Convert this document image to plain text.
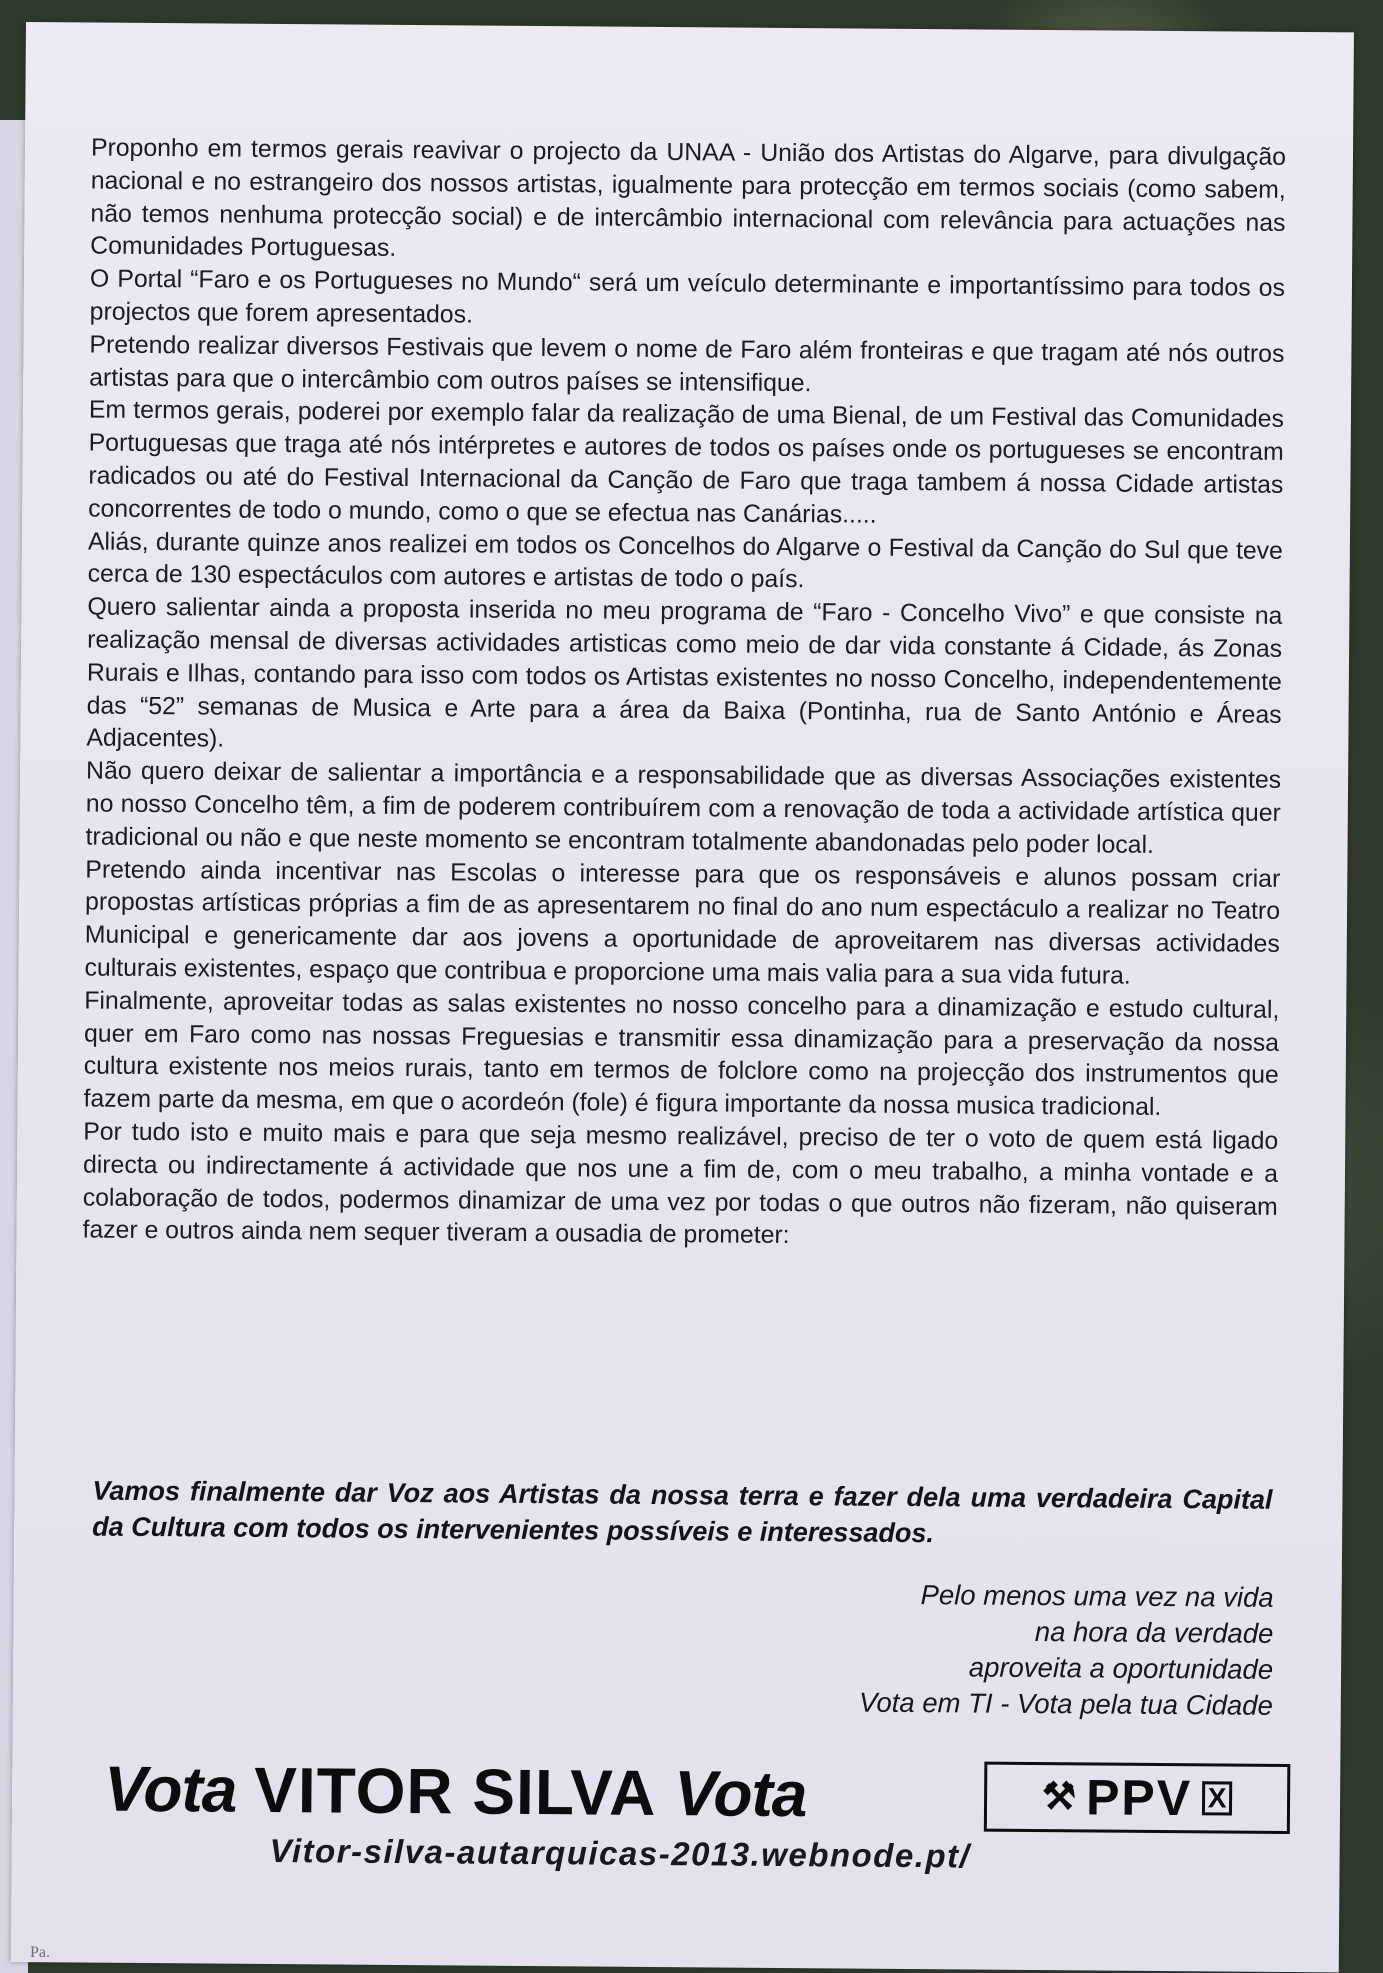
Proponho em termos gerais reavivar o projecto da UNAA - União dos Artistas do Algarve, para divulgação nacional e no estrangeiro dos nossos artistas, igualmente para protecção em termos sociais (como sabem, não temos nenhuma protecção social) e de intercâmbio internacional com relevância para actuações nas Comunidades Portuguesas.

O Portal “Faro e os Portugueses no Mundo“ será um veículo determinante e importantíssimo para todos os projectos que forem apresentados.

Pretendo realizar diversos Festivais que levem o nome de Faro além fronteiras e que tragam até nós outros artistas para que o intercâmbio com outros países se intensifique.

Em termos gerais, poderei por exemplo falar da realização de uma Bienal, de um Festival das Comunidades Portuguesas que traga até nós intérpretes e autores de todos os países onde os portugueses se encontram radicados ou até do Festival Internacional da Canção de Faro que traga tambem á nossa Cidade artistas concorrentes de todo o mundo, como o que se efectua nas Canárias.....

Aliás, durante quinze anos realizei em todos os Concelhos do Algarve o Festival da Canção do Sul que teve cerca de 130 espectáculos com autores e artistas de todo o país.

Quero salientar ainda a proposta inserida no meu programa de “Faro - Concelho Vivo” e que consiste na realização mensal de diversas actividades artisticas como meio de dar vida constante á Cidade, ás Zonas Rurais e Ilhas, contando para isso com todos os Artistas existentes no nosso Concelho, independentemente das “52” semanas de Musica e Arte para a área da Baixa (Pontinha, rua de Santo António e Áreas Adjacentes).

Não quero deixar de salientar a importância e a responsabilidade que as diversas Associações existentes no nosso Concelho têm, a fim de poderem contribuírem com a renovação de toda a actividade artística quer tradicional ou não e que neste momento se encontram totalmente abandonadas pelo poder local.

Pretendo ainda incentivar nas Escolas o interesse para que os responsáveis e alunos possam criar propostas artísticas próprias a fim de as apresentarem no final do ano num espectáculo a realizar no Teatro Municipal e genericamente dar aos jovens a oportunidade de aproveitarem nas diversas actividades culturais existentes, espaço que contribua e proporcione uma mais valia para a sua vida futura.

Finalmente, aproveitar todas as salas existentes no nosso concelho para a dinamização e estudo cultural, quer em Faro como nas nossas Freguesias e transmitir essa dinamização para a preservação da nossa cultura existente nos meios rurais, tanto em termos de folclore como na projecção dos instrumentos que fazem parte da mesma, em que o acordeón (fole) é figura importante da nossa musica tradicional.

Por tudo isto e muito mais e para que seja mesmo realizável, preciso de ter o voto de quem está ligado directa ou indirectamente á actividade que nos une a fim de, com o meu trabalho, a minha vontade e a colaboração de todos, podermos dinamizar de uma vez por todas o que outros não fizeram, não quiseram fazer e outros ainda nem sequer tiveram a ousadia de prometer:

Vamos finalmente dar Voz aos Artistas da nossa terra e fazer dela uma verdadeira Capital da Cultura com todos os intervenientes possíveis e interessados.
Pelo menos uma vez na vida
na hora da verdade
aproveita a oportunidade
Vota em TI - Vota pela tua Cidade
Vota VITOR SILVA Vota	⚒ PPV X
Vitor-silva-autarquicas-2013.webnode.pt/
Pa.
